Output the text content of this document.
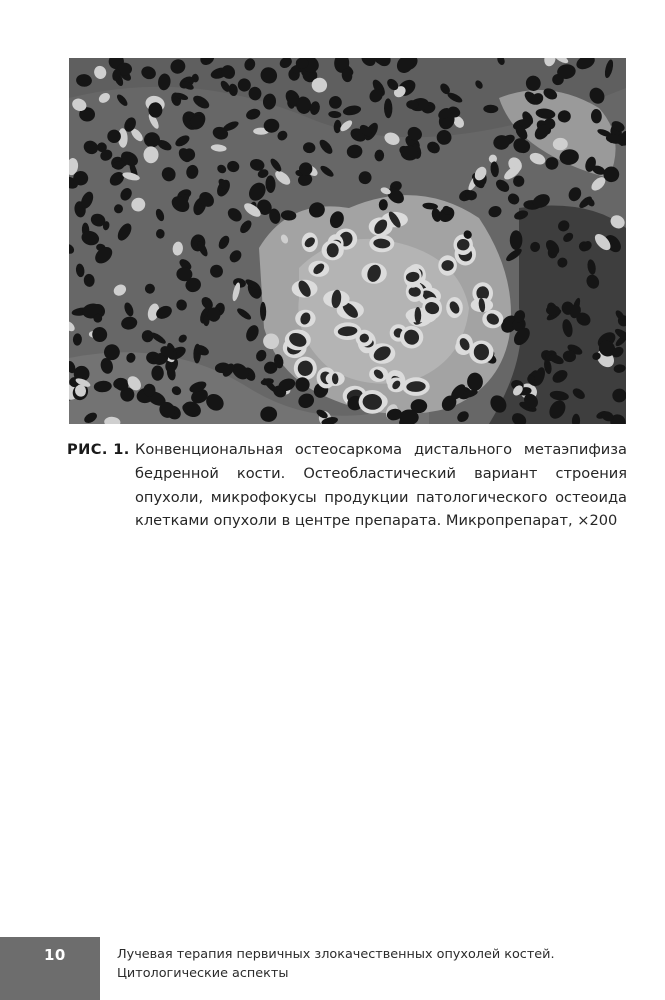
РИС. 1. Конвенциональная остеосаркома дистального метаэпифиза бедренной кости. Остеобластический вариант строения опухоли, микрофокусы продукции патологического остеоида клетками опухоли в центре препарата. Микропрепарат, ×200
10	Лучевая терапия первичных злокачественных опухолей костей.
Цитологические аспекты
